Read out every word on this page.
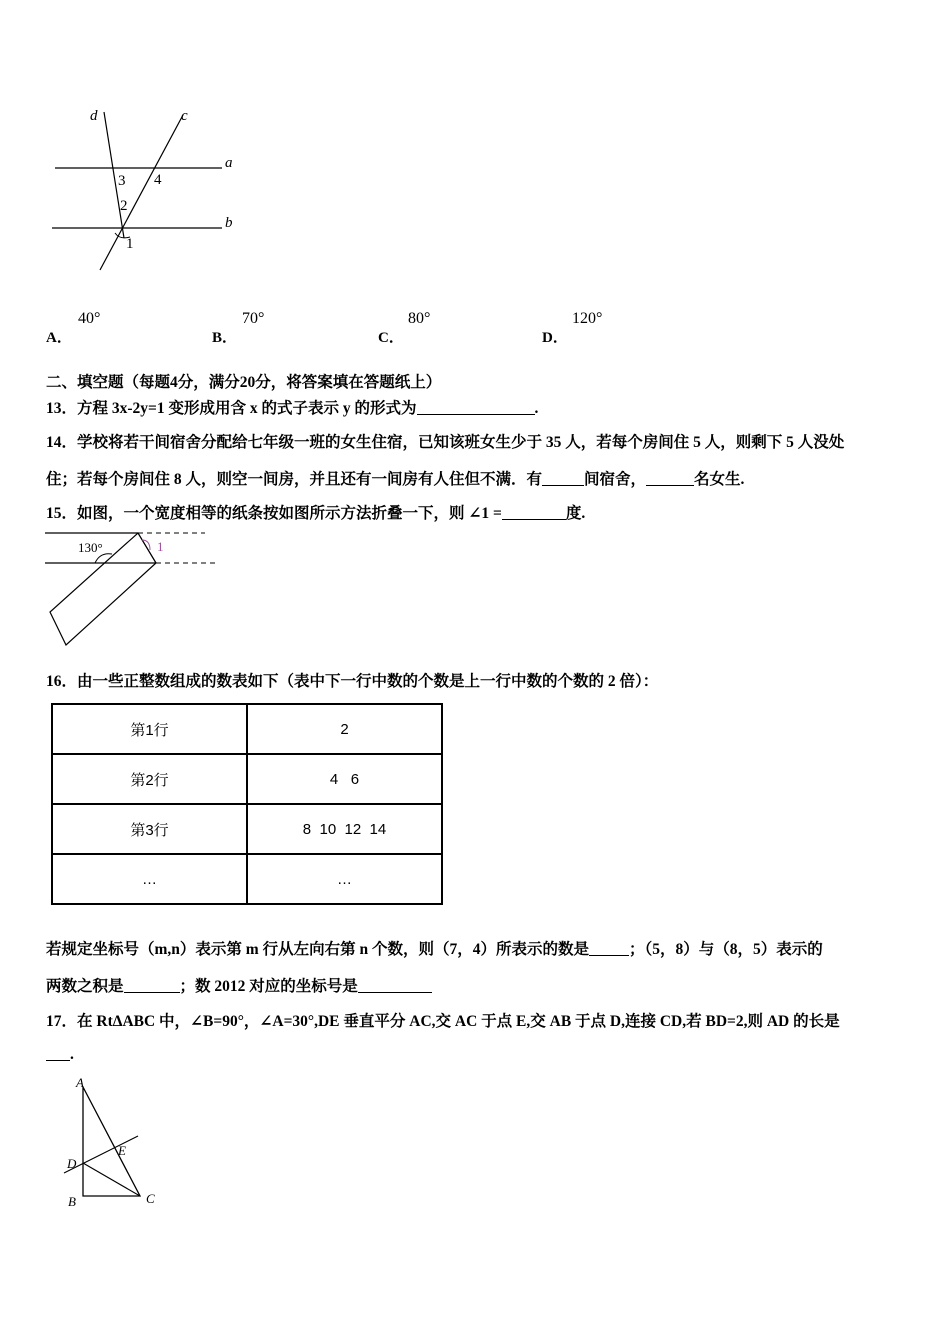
d	c
a
b
3 4
2
1
A．
40°
B．
70°
C．
80°
D．
120°
二、填空题（每题4分，满分20分，将答案填在答题纸上）
13．方程 3x-2y=1 变形成用含 x 的式子表示 y 的形式为	.
14．学校将若干间宿舍分配给七年级一班的女生住宿，已知该班女生少于 35 人，若每个房间住 5 人，则剩下 5 人没处
住；若每个房间住 8 人，则空一间房，并且还有一间房有人住但不满．有	间宿舍，	名女生.
15．如图，一个宽度相等的纸条按如图所示方法折叠一下，则 ∠1 =	度.
130°	1
16．由一些正整数组成的数表如下（表中下一行中数的个数是上一行中数的个数的 2 倍）：
第1行	2
第2行	4   6
第3行	8  10  12  14
…	…
若规定坐标号（m,n）表示第 m 行从左向右第 n 个数，则（7，4）所表示的数是	；（5，8）与（8，5）表示的
两数之积是	；数 2012 对应的坐标号是
17．在 RtΔABC 中，∠B=90°，∠A=30°,DE 垂直平分 AC,交 AC 于点 E,交 AB 于点 D,连接 CD,若 BD=2,则 AD 的长是
.
A
B	C
D
E
